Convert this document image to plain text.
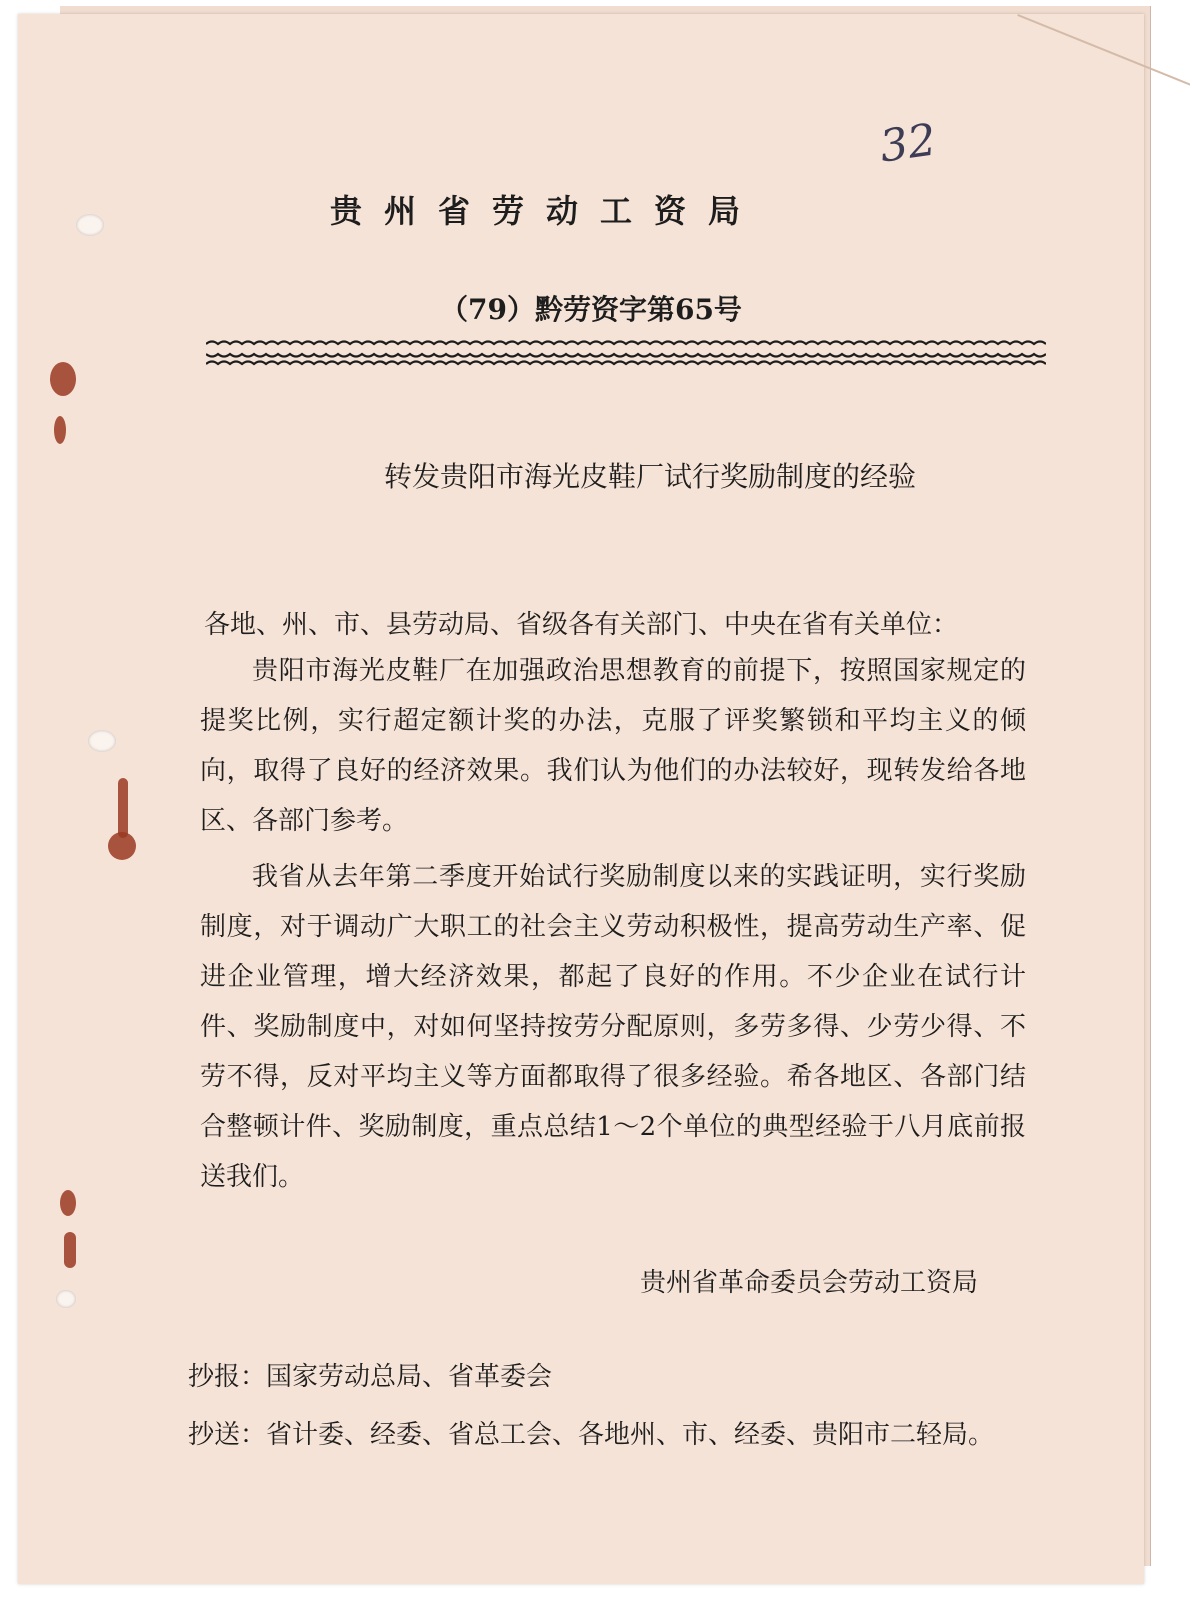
32
贵州省劳动工资局
（79）黔劳资字第65号
转发贵阳市海光皮鞋厂试行奖励制度的经验
各地、州、市、县劳动局、省级各有关部门、中央在省有关单位：
贵阳市海光皮鞋厂在加强政治思想教育的前提下，按照国家规定的提奖比例，实行超定额计奖的办法，克服了评奖繁锁和平均主义的倾向，取得了良好的经济效果。我们认为他们的办法较好，现转发给各地区、各部门参考。
我省从去年第二季度开始试行奖励制度以来的实践证明，实行奖励制度，对于调动广大职工的社会主义劳动积极性，提高劳动生产率、促进企业管理，增大经济效果，都起了良好的作用。不少企业在试行计件、奖励制度中，对如何坚持按劳分配原则，多劳多得、少劳少得、不劳不得，反对平均主义等方面都取得了很多经验。希各地区、各部门结合整顿计件、奖励制度，重点总结1～2个单位的典型经验于八月底前报送我们。
贵州省革命委员会劳动工资局
抄报：国家劳动总局、省革委会
抄送：省计委、经委、省总工会、各地州、市、经委、贵阳市二轻局。
